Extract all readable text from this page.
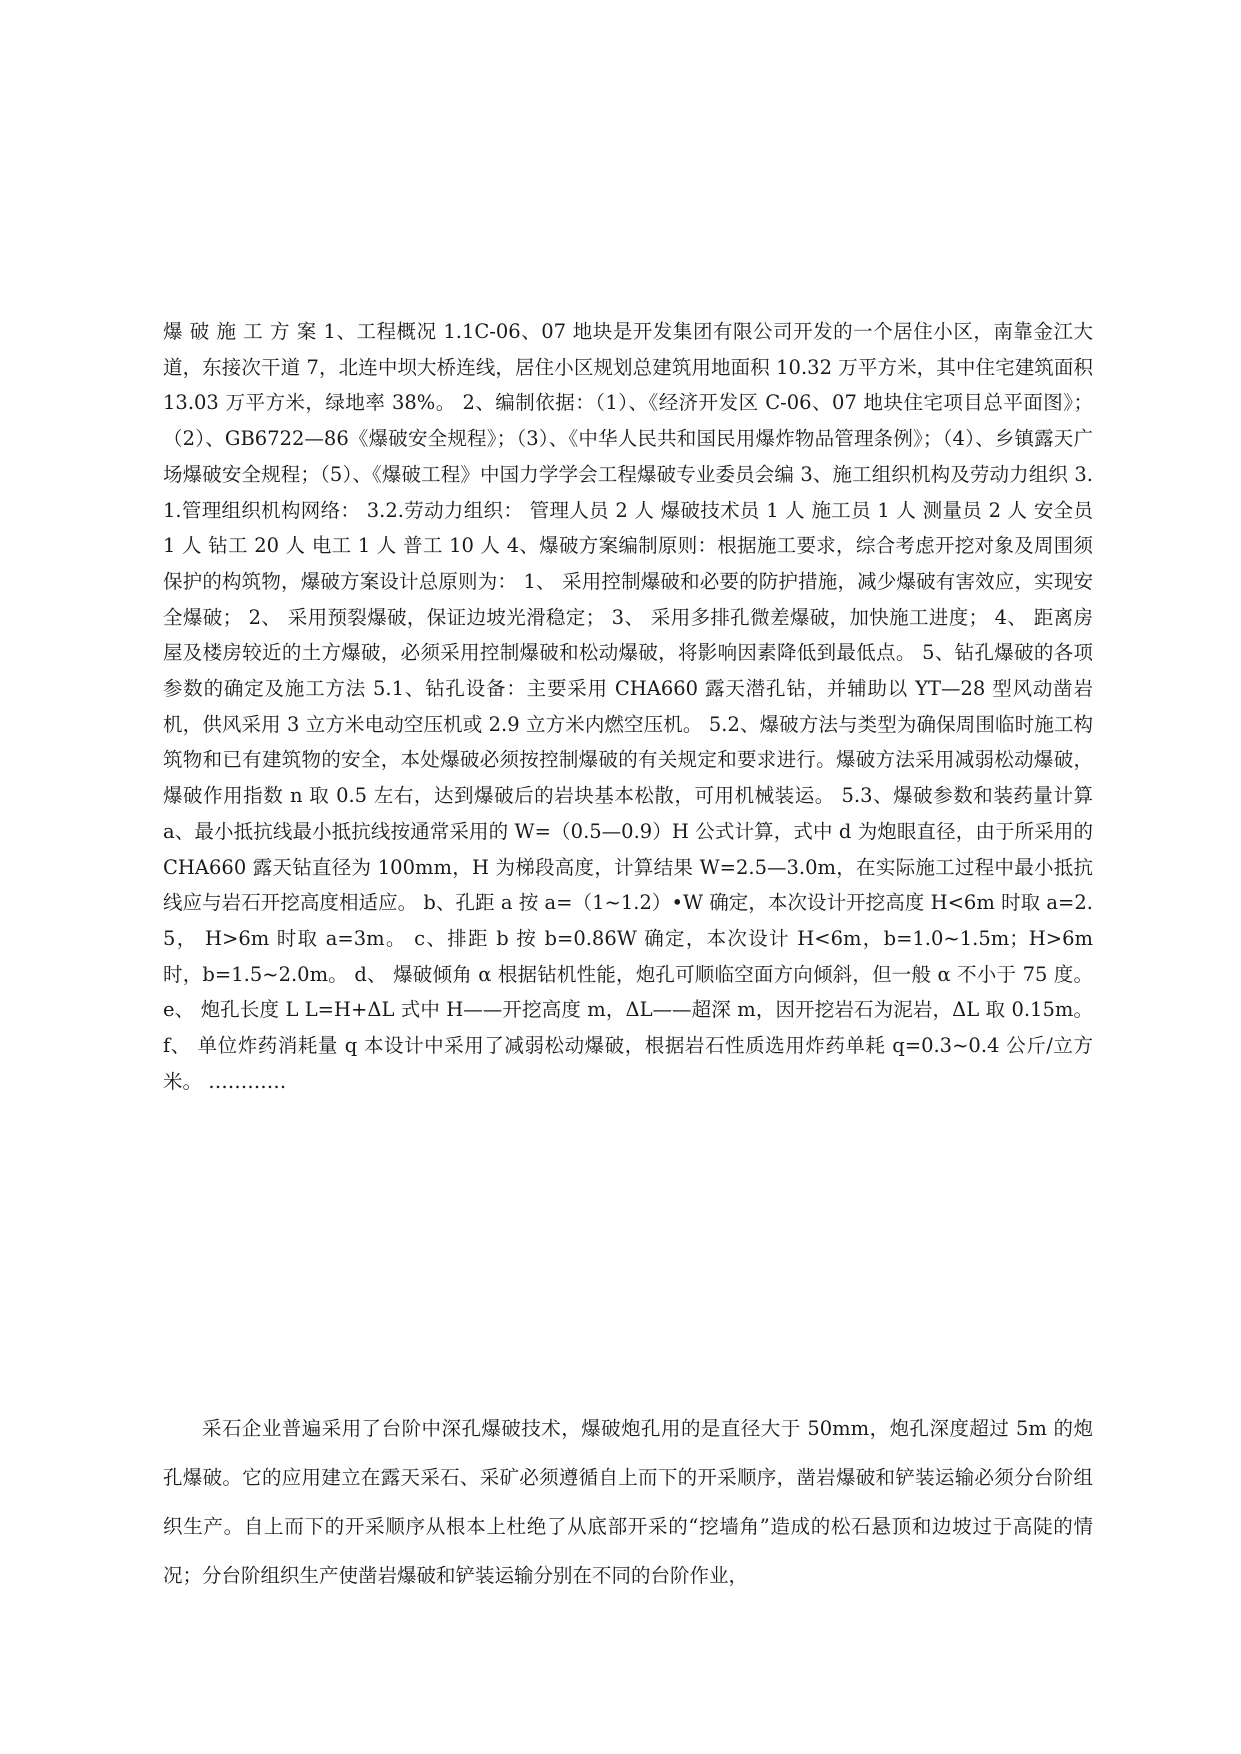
爆 破 施 工 方 案 1、工程概况 1.1C-06、07 地块是开发集团有限公司开发的一个居住小区，南靠金江大道，东接次干道 7，北连中坝大桥连线，居住小区规划总建筑用地面积 10.32 万平方米，其中住宅建筑面积 13.03 万平方米，绿地率 38%。 2、编制依据：（1）、《经济开发区 C-06、07 地块住宅项目总平面图》；（2）、GB6722—86《爆破安全规程》；（3）、《中华人民共和国民用爆炸物品管理条例》；（4）、乡镇露天广场爆破安全规程；（5）、《爆破工程》中国力学学会工程爆破专业委员会编 3、施工组织机构及劳动力组织 3.1.管理组织机构网络： 3.2.劳动力组织： 管理人员 2 人 爆破技术员 1 人 施工员 1 人 测量员 2 人 安全员 1 人 钻工 20 人 电工 1 人 普工 10 人 4、爆破方案编制原则：根据施工要求，综合考虑开挖对象及周围须保护的构筑物，爆破方案设计总原则为： 1、 采用控制爆破和必要的防护措施，减少爆破有害效应，实现安全爆破； 2、 采用预裂爆破，保证边坡光滑稳定； 3、 采用多排孔微差爆破，加快施工进度； 4、 距离房屋及楼房较近的土方爆破，必须采用控制爆破和松动爆破，将影响因素降低到最低点。 5、钻孔爆破的各项参数的确定及施工方法 5.1、钻孔设备：主要采用 CHA660 露天潜孔钻，并辅助以 YT—28 型风动凿岩机，供风采用 3 立方米电动空压机或 2.9 立方米内燃空压机。 5.2、爆破方法与类型为确保周围临时施工构筑物和已有建筑物的安全，本处爆破必须按控制爆破的有关规定和要求进行。爆破方法采用减弱松动爆破，爆破作用指数 n 取 0.5 左右，达到爆破后的岩块基本松散，可用机械装运。 5.3、爆破参数和装药量计算 a、最小抵抗线最小抵抗线按通常采用的 W=（0.5—0.9）H 公式计算，式中 d 为炮眼直径，由于所采用的 CHA660 露天钻直径为 100mm，H 为梯段高度，计算结果 W=2.5—3.0m，在实际施工过程中最小抵抗线应与岩石开挖高度相适应。 b、孔距 a 按 a=（1~1.2）•W 确定，本次设计开挖高度 H<6m 时取 a=2.5， H>6m 时取 a=3m。 c、排距 b 按 b=0.86W 确定，本次设计 H<6m，b=1.0~1.5m；H>6m 时，b=1.5~2.0m。 d、 爆破倾角 α 根据钻机性能，炮孔可顺临空面方向倾斜，但一般 α 不小于 75 度。 e、 炮孔长度 L L=H+ΔL 式中 H——开挖高度 m，ΔL——超深 m，因开挖岩石为泥岩，ΔL 取 0.15m。 f、 单位炸药消耗量 q 本设计中采用了减弱松动爆破，根据岩石性质选用炸药单耗 q=0.3~0.4 公斤/立方米。 …………

采石企业普遍采用了台阶中深孔爆破技术，爆破炮孔用的是直径大于 50mm，炮孔深度超过 5m 的炮孔爆破。它的应用建立在露天采石、采矿必须遵循自上而下的开采顺序，凿岩爆破和铲装运输必须分台阶组织生产。自上而下的开采顺序从根本上杜绝了从底部开采的“挖墙角”造成的松石悬顶和边坡过于高陡的情况；分台阶组织生产使凿岩爆破和铲装运输分别在不同的台阶作业，
